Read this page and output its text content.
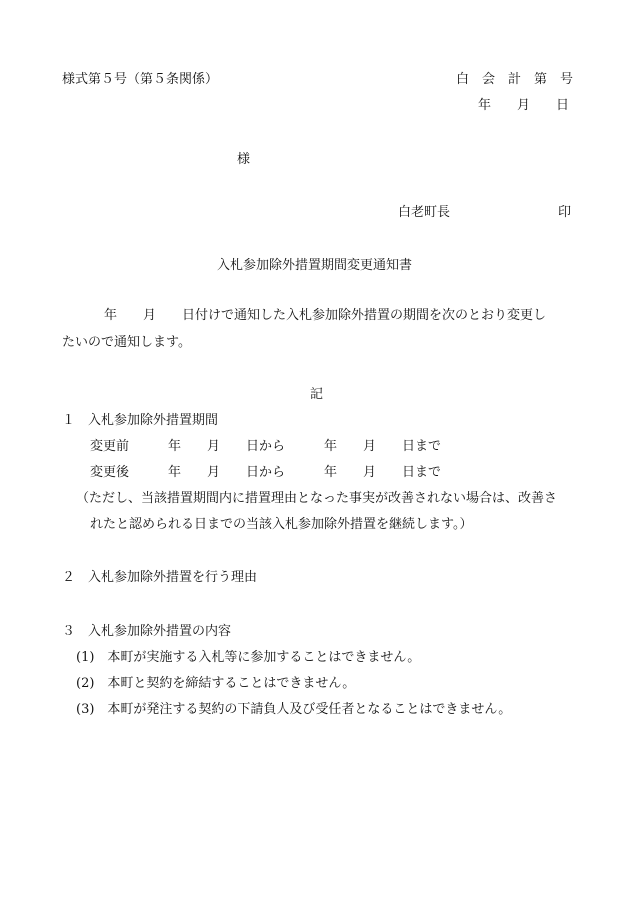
様式第５号（第５条関係）	白　会　計　第　号
年　　月　　日
様
白老町長	印
入札参加除外措置期間変更通知書
年　　月　　日付けで通知した入札参加除外措置の期間を次のとおり変更し
たいので通知します。
記
１　入札参加除外措置期間
変更前　　　年　　月　　日から　　　年　　月　　日まで
変更後　　　年　　月　　日から　　　年　　月　　日まで
（ただし、当該措置期間内に措置理由となった事実が改善されない場合は、改善さ
れたと認められる日までの当該入札参加除外措置を継続します。）
２　入札参加除外措置を行う理由
３　入札参加除外措置の内容
(1)　本町が実施する入札等に参加することはできません。
(2)　本町と契約を締結することはできません。
(3)　本町が発注する契約の下請負人及び受任者となることはできません。
